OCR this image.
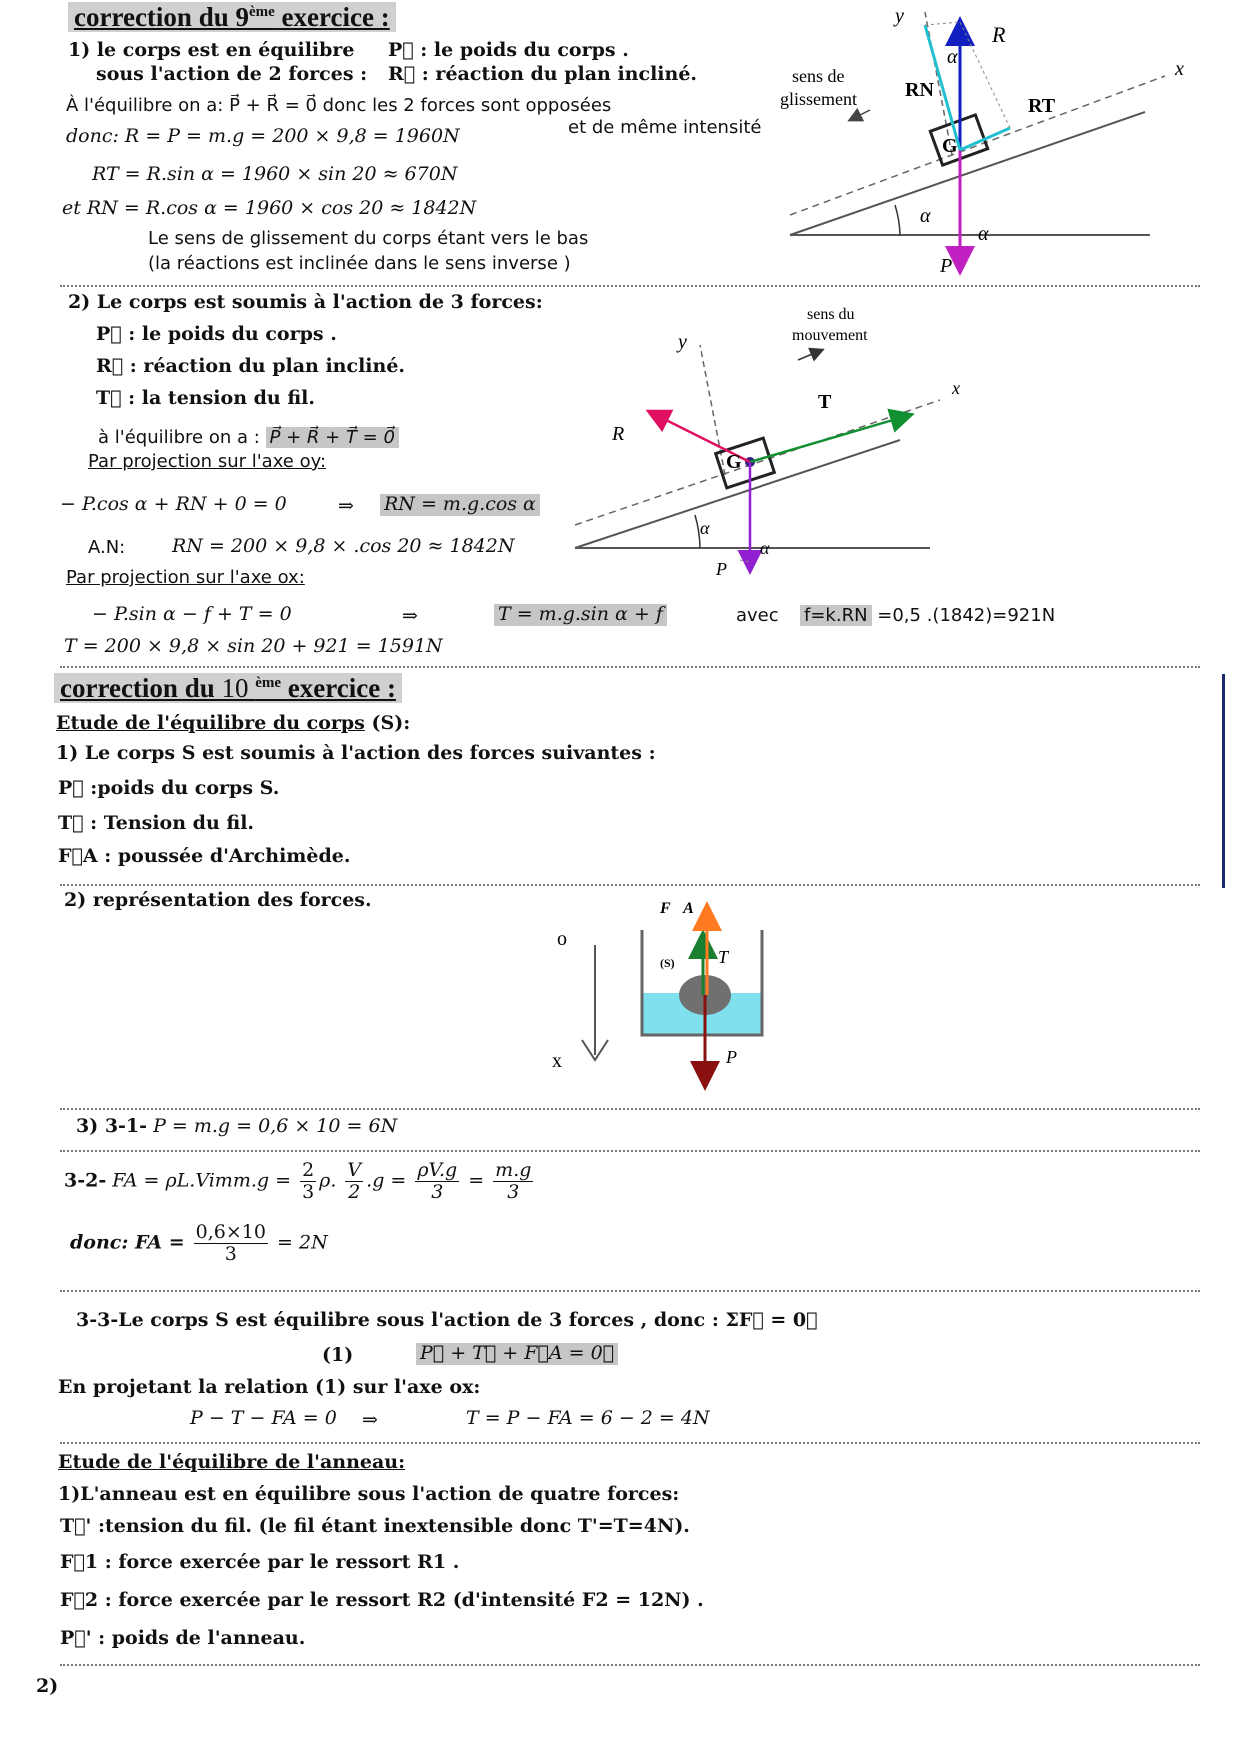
correction du 9ème exercice :
1) le corps est en équilibre
sous l'action de 2 forces :
P⃗ : le poids du corps .
R⃗ : réaction du plan incliné.
À l'équilibre on a: P⃗ + R⃗ = 0⃗ donc les 2 forces sont opposées
et de même intensité
donc: R = P = m.g = 200 × 9,8 = 1960N
RT = R.sin α = 1960 × sin 20 ≈ 670N
et RN = R.cos α = 1960 × cos 20 ≈ 1842N
Le sens de glissement du corps étant vers le bas
(la réactions est inclinée dans le sens inverse )
y
x
R⃗
α
RN
RT
G
α
α
P⃗
sens de
glissement
2) Le corps est soumis à l'action de 3 forces:
P⃗ : le poids du corps .
R⃗ : réaction du plan incliné.
T⃗ : la tension du fil.
à l'équilibre on a : P⃗ + R⃗ + T⃗ = 0⃗
Par projection sur l'axe oy:
− P.cos α + RN + 0 = 0	⇒ RN = m.g.cos α
A.N: RN = 200 × 9,8 × .cos 20 ≈ 1842N
Par projection sur l'axe ox:
− P.sin α − f + T = 0	⇒	T = m.g.sin α + f	avec f=k.RN =0,5 .(1842)=921N
T = 200 × 9,8 × sin 20 + 921 = 1591N
sens du
mouvement
y
x
R⃗
T⃗
G
α
α
P⃗
correction du 10 $^{ème}$ exercice :
Etude de l'équilibre du corps (S):
1) Le corps S est soumis à l'action des forces suivantes :
P⃗ :poids du corps S.
T⃗ : Tension du fil.
F⃗A : poussée d'Archimède.
2) représentation des forces.
o
x
(S)
F⃗A
T⃗
P⃗
3) 3-1- P = m.g = 0,6 × 10 = 6N
3-2- FA = ρL.Vimm.g = $\frac{2}{3} \rho$. $\frac{V}{2} .g = \frac{\rho V.g}{3} = \frac{m.g}{3}$
donc: FA = $\frac{0,6\times 10}{3} = 2N$
3-3-Le corps S est équilibre sous l'action de 3 forces , donc : ΣF⃗ = 0⃗
(1)	P⃗ + T⃗ + F⃗A = 0⃗
En projetant la relation (1) sur l'axe ox:
P − T − FA = 0 ⇒	T = P − FA = 6 − 2 = 4N
Etude de l'équilibre de l'anneau:
1)L'anneau est en équilibre sous l'action de quatre forces:
T⃗' :tension du fil. (le fil étant inextensible donc T'=T=4N).
F⃗1 : force exercée par le ressort R1 .
F⃗2 : force exercée par le ressort R2 (d'intensité F2 = 12N) .
P⃗' : poids de l'anneau.
2)
